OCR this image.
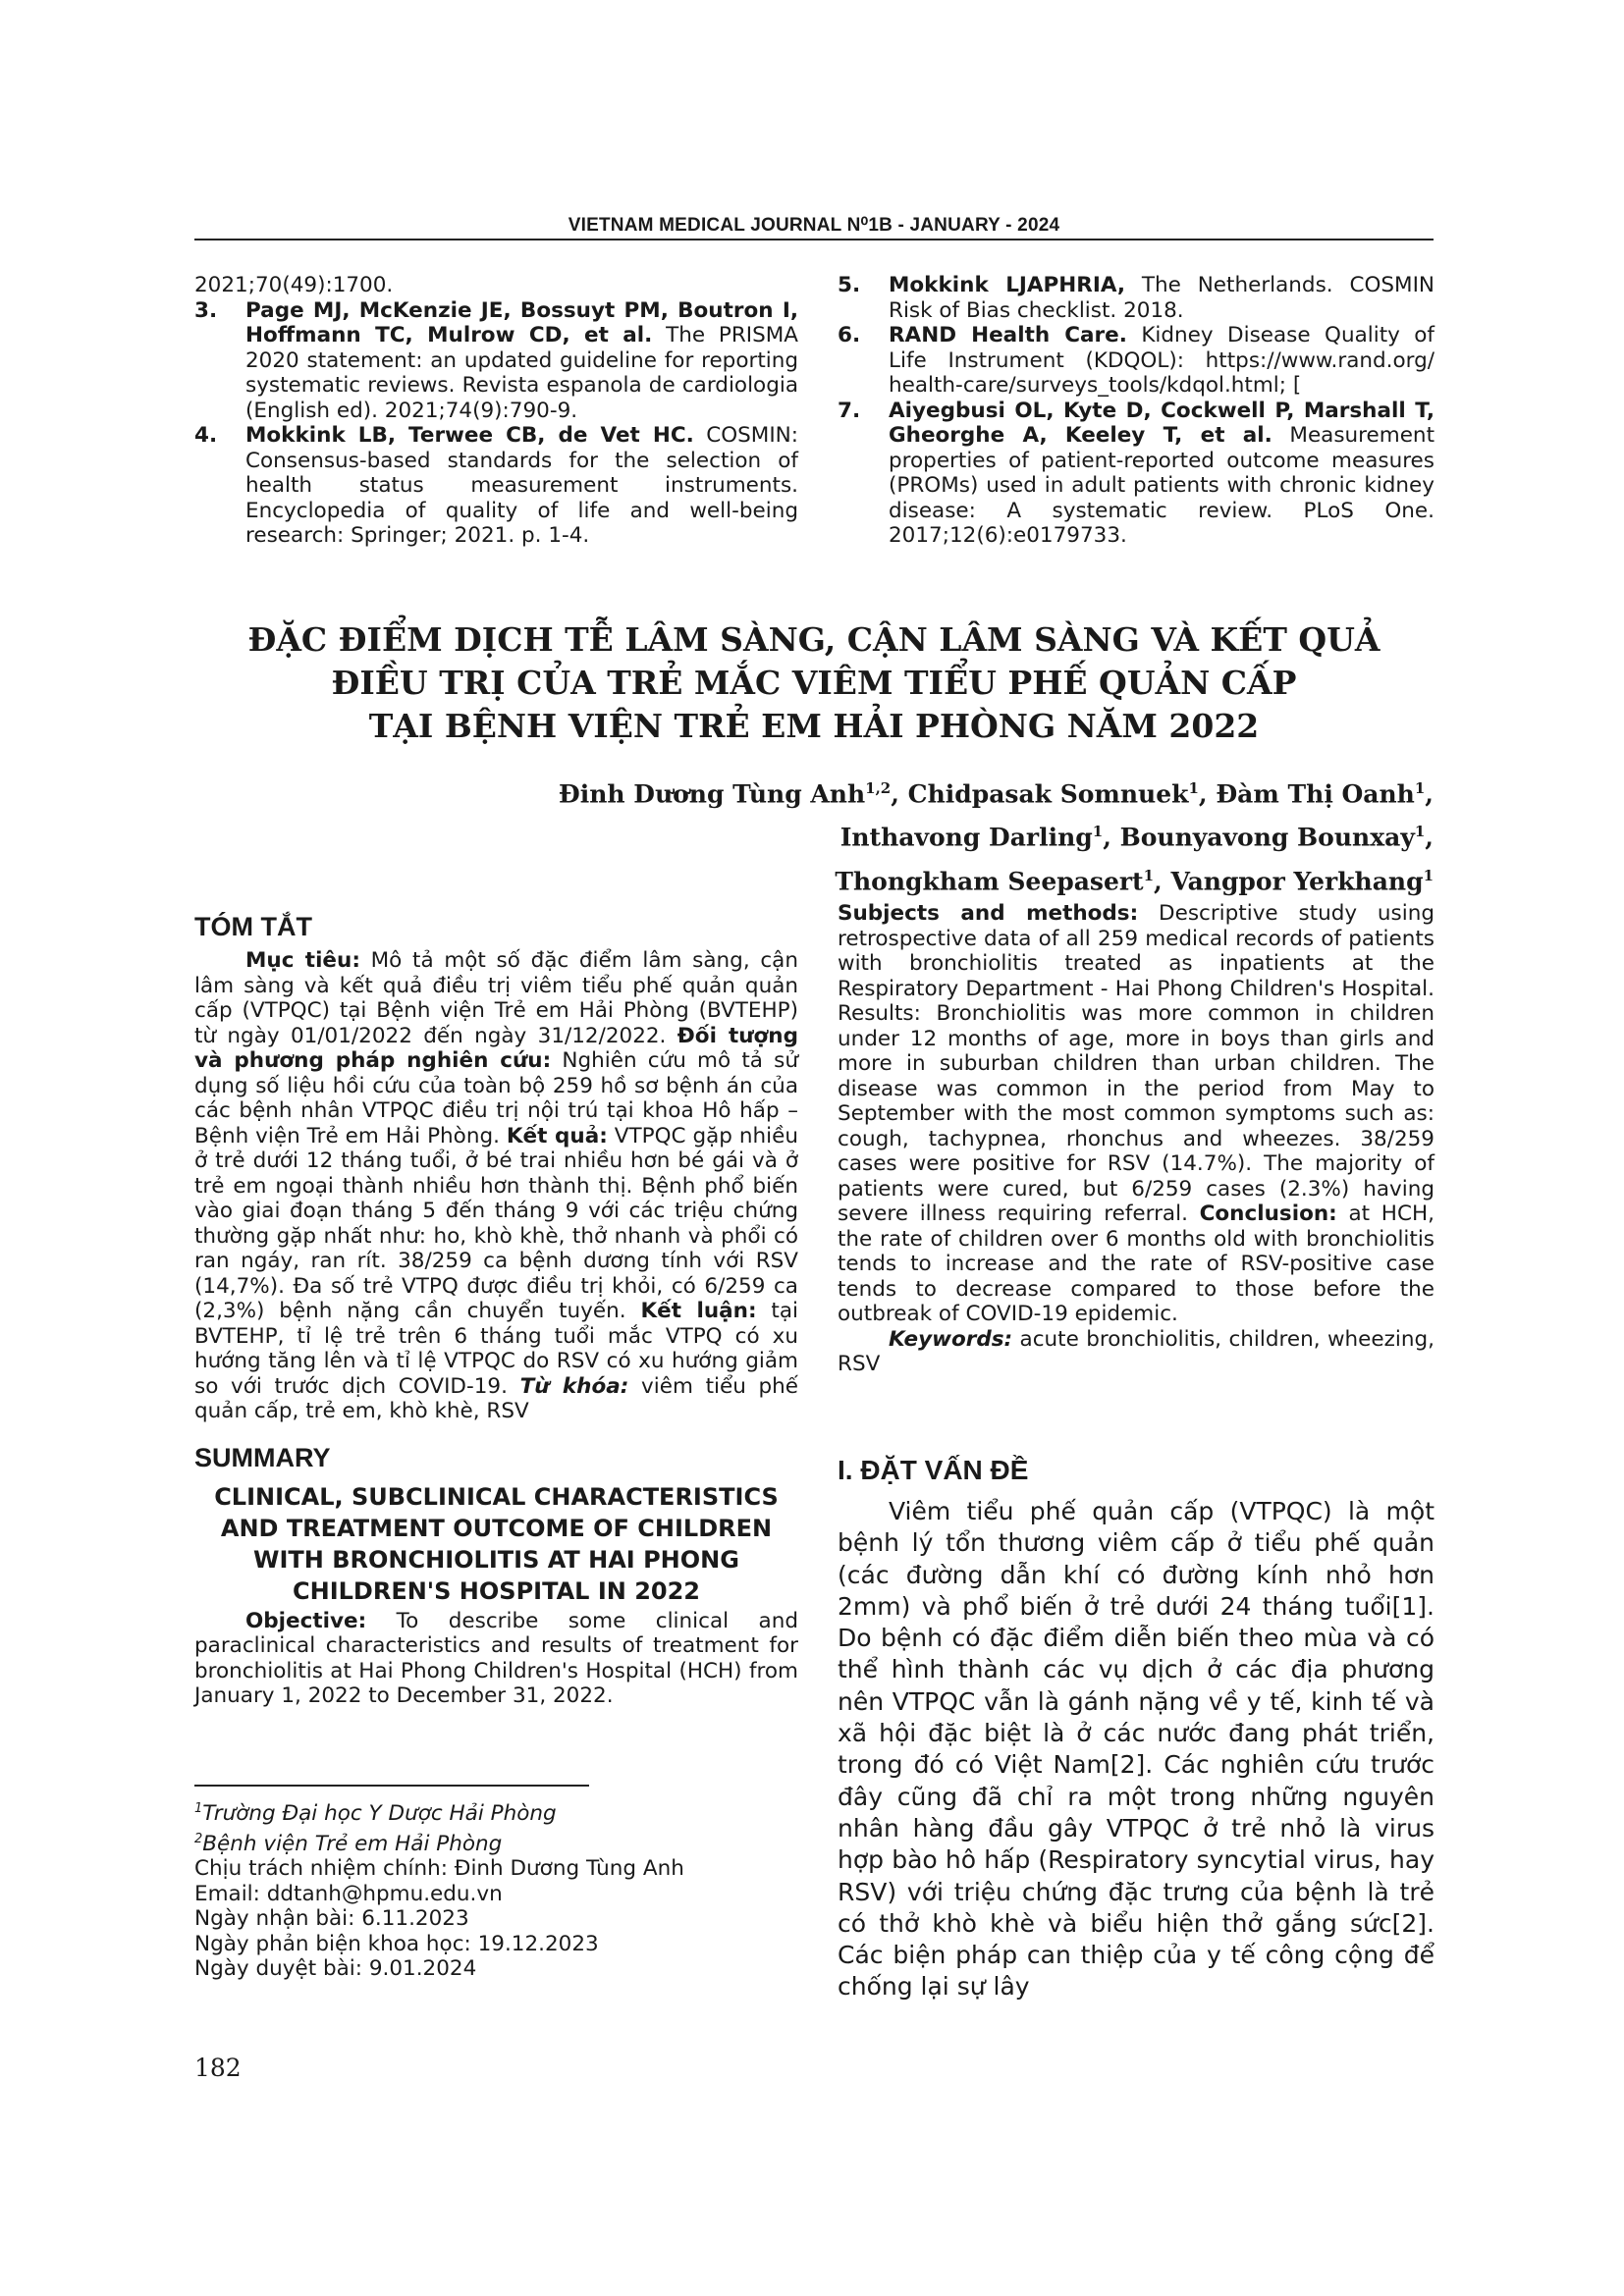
VIETNAM MEDICAL JOURNAL N⁰1B - JANUARY - 2024
2021;70(49):1700.
3.	Page MJ, McKenzie JE, Bossuyt PM, Boutron I, Hoffmann TC, Mulrow CD, et al. The PRISMA 2020 statement: an updated guideline for reporting systematic reviews. Revista espanola de cardiologia (English ed). 2021;74(9):790-9.
4.	Mokkink LB, Terwee CB, de Vet HC. COSMIN: Consensus-based standards for the selection of health status measurement instruments. Encyclopedia of quality of life and well-being research: Springer; 2021. p. 1-4.
5.	Mokkink LJAPHRIA, The Netherlands. COSMIN Risk of Bias checklist. 2018.
6.	RAND Health Care. Kidney Disease Quality of Life Instrument (KDQOL): https://www.rand.org/ health-care/surveys_tools/kdqol.html; [
7.	Aiyegbusi OL, Kyte D, Cockwell P, Marshall T, Gheorghe A, Keeley T, et al. Measurement properties of patient-reported outcome measures (PROMs) used in adult patients with chronic kidney disease: A systematic review. PLoS One. 2017;12(6):e0179733.
ĐẶC ĐIỂM DỊCH TỄ LÂM SÀNG, CẬN LÂM SÀNG VÀ KẾT QUẢ
ĐIỀU TRỊ CỦA TRẺ MẮC VIÊM TIỂU PHẾ QUẢN CẤP
TẠI BỆNH VIỆN TRẺ EM HẢI PHÒNG NĂM 2022
Đinh Dương Tùng Anh$^{1,2}$, Chidpasak Somnuek$^1$, Đàm Thị Oanh$^1$,
Inthavong Darling$^1$, Bounyavong Bounxay$^1$,
Thongkham Seepasert$^1$, Vangpor Yerkhang$^1$
TÓM TẮT

Mục tiêu: Mô tả một số đặc điểm lâm sàng, cận lâm sàng và kết quả điều trị viêm tiểu phế quản quản cấp (VTPQC) tại Bệnh viện Trẻ em Hải Phòng (BVTEHP) từ ngày 01/01/2022 đến ngày 31/12/2022. Đối tượng và phương pháp nghiên cứu: Nghiên cứu mô tả sử dụng số liệu hồi cứu của toàn bộ 259 hồ sơ bệnh án của các bệnh nhân VTPQC điều trị nội trú tại khoa Hô hấp – Bệnh viện Trẻ em Hải Phòng. Kết quả: VTPQC gặp nhiều ở trẻ dưới 12 tháng tuổi, ở bé trai nhiều hơn bé gái và ở trẻ em ngoại thành nhiều hơn thành thị. Bệnh phổ biến vào giai đoạn tháng 5 đến tháng 9 với các triệu chứng thường gặp nhất như: ho, khò khè, thở nhanh và phổi có ran ngáy, ran rít. 38/259 ca bệnh dương tính với RSV (14,7%). Đa số trẻ VTPQ được điều trị khỏi, có 6/259 ca (2,3%) bệnh nặng cần chuyển tuyến. Kết luận: tại BVTEHP, tỉ lệ trẻ trên 6 tháng tuổi mắc VTPQ có xu hướng tăng lên và tỉ lệ VTPQC do RSV có xu hướng giảm so với trước dịch COVID-19. Từ khóa: viêm tiểu phế quản cấp, trẻ em, khò khè, RSV

SUMMARY
CLINICAL, SUBCLINICAL CHARACTERISTICS
AND TREATMENT OUTCOME OF CHILDREN
WITH BRONCHIOLITIS AT HAI PHONG
CHILDREN'S HOSPITAL IN 2022

Objective: To describe some clinical and paraclinical characteristics and results of treatment for bronchiolitis at Hai Phong Children's Hospital (HCH) from January 1, 2022 to December 31, 2022.

Subjects and methods: Descriptive study using retrospective data of all 259 medical records of patients with bronchiolitis treated as inpatients at the Respiratory Department - Hai Phong Children's Hospital. Results: Bronchiolitis was more common in children under 12 months of age, more in boys than girls and more in suburban children than urban children. The disease was common in the period from May to September with the most common symptoms such as: cough, tachypnea, rhonchus and wheezes. 38/259 cases were positive for RSV (14.7%). The majority of patients were cured, but 6/259 cases (2.3%) having severe illness requiring referral. Conclusion: at HCH, the rate of children over 6 months old with bronchiolitis tends to increase and the rate of RSV-positive case tends to decrease compared to those before the outbreak of COVID-19 epidemic.

Keywords: acute bronchiolitis, children, wheezing, RSV

I. ĐẶT VẤN ĐỀ

Viêm tiểu phế quản cấp (VTPQC) là một bệnh lý tổn thương viêm cấp ở tiểu phế quản (các đường dẫn khí có đường kính nhỏ hơn 2mm) và phổ biến ở trẻ dưới 24 tháng tuổi[1]. Do bệnh có đặc điểm diễn biến theo mùa và có thể hình thành các vụ dịch ở các địa phương nên VTPQC vẫn là gánh nặng về y tế, kinh tế và xã hội đặc biệt là ở các nước đang phát triển, trong đó có Việt Nam[2]. Các nghiên cứu trước đây cũng đã chỉ ra một trong những nguyên nhân hàng đầu gây VTPQC ở trẻ nhỏ là virus hợp bào hô hấp (Respiratory syncytial virus, hay RSV) với triệu chứng đặc trưng của bệnh là trẻ có thở khò khè và biểu hiện thở gắng sức[2]. Các biện pháp can thiệp của y tế công cộng để chống lại sự lây

$^1$Trường Đại học Y Dược Hải Phòng
$^2$Bệnh viện Trẻ em Hải Phòng
Chịu trách nhiệm chính: Đinh Dương Tùng Anh
Email: ddtanh@hpmu.edu.vn
Ngày nhận bài: 6.11.2023
Ngày phản biện khoa học: 19.12.2023
Ngày duyệt bài: 9.01.2024
182
